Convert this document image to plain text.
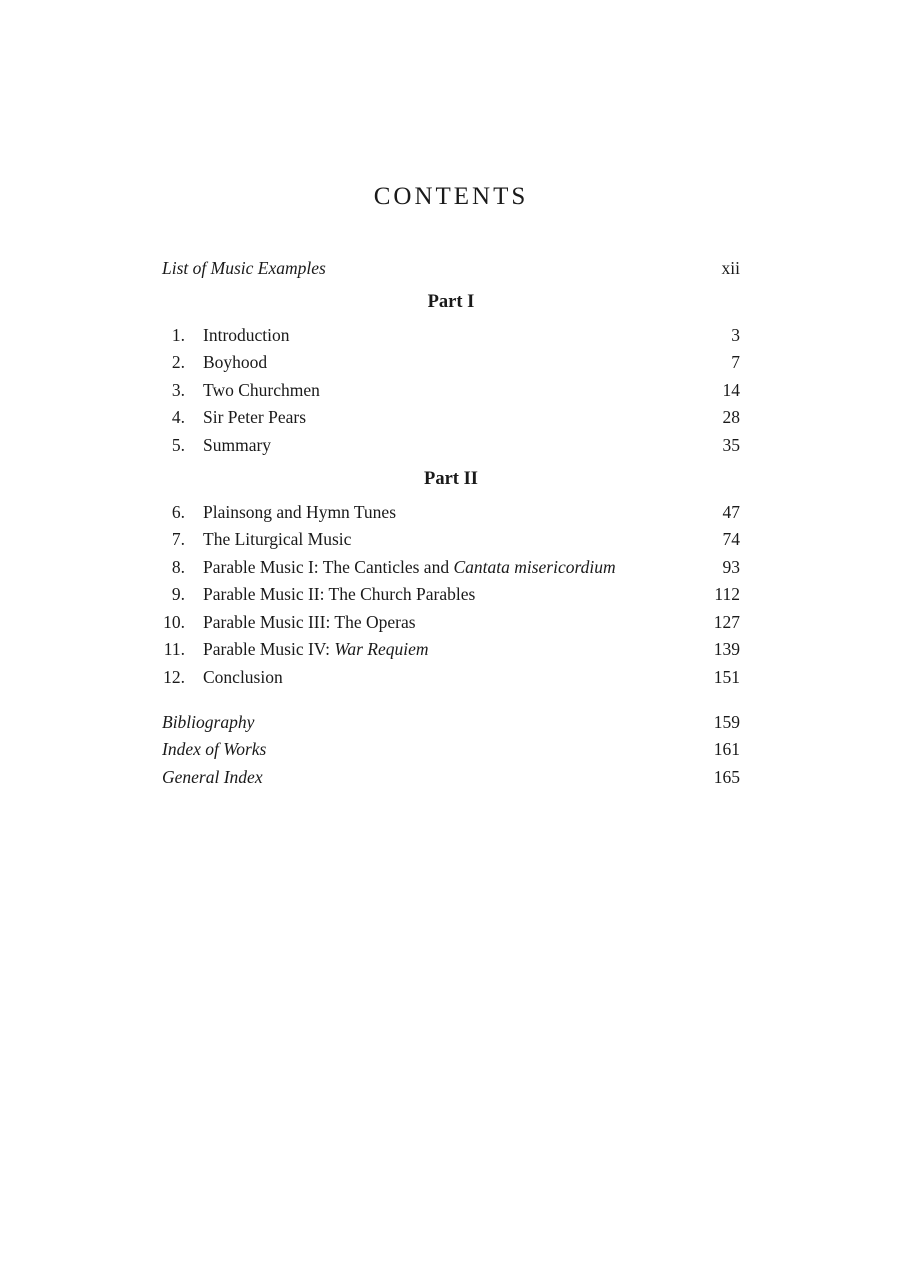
CONTENTS
List of Music Examples	xii
Part I
1. Introduction	3
2. Boyhood	7
3. Two Churchmen	14
4. Sir Peter Pears	28
5. Summary	35
Part II
6. Plainsong and Hymn Tunes	47
7. The Liturgical Music	74
8. Parable Music I: The Canticles and Cantata misericordium	93
9. Parable Music II: The Church Parables	112
10. Parable Music III: The Operas	127
11. Parable Music IV: War Requiem	139
12. Conclusion	151
Bibliography	159
Index of Works	161
General Index	165
